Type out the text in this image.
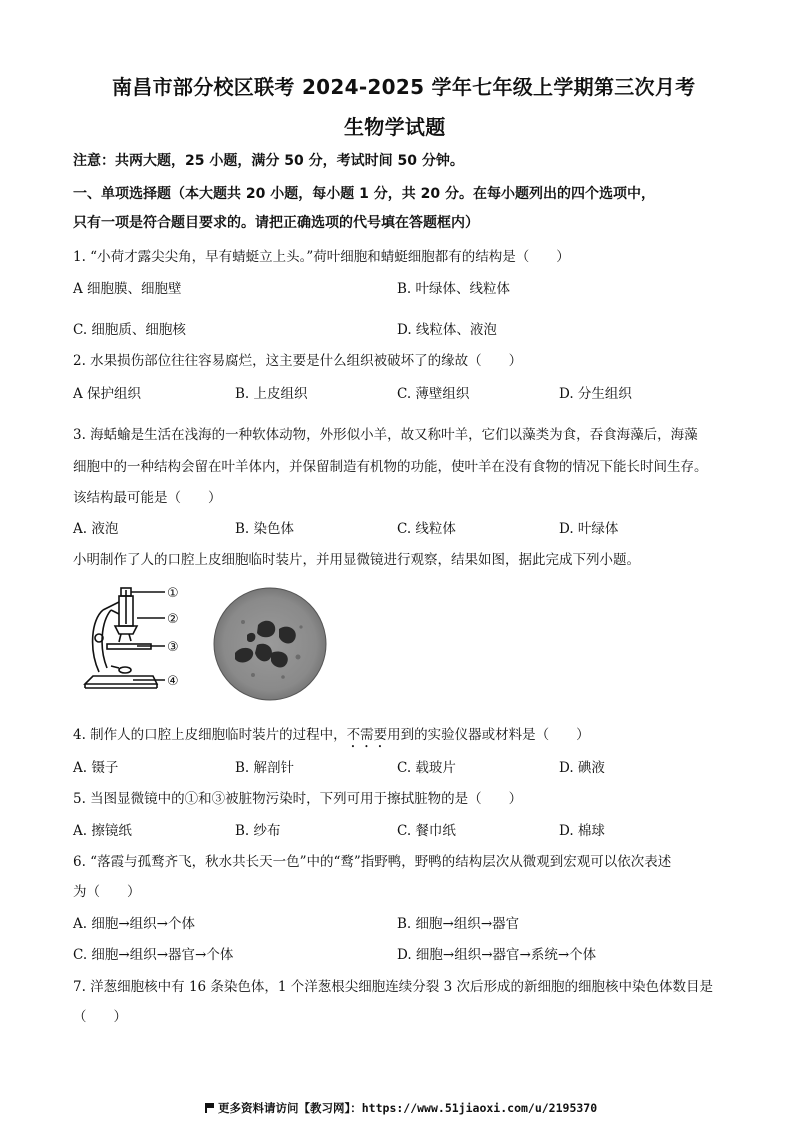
南昌市部分校区联考 2024-2025 学年七年级上学期第三次月考
生物学试题
注意：共两大题，25 小题，满分 50 分，考试时间 50 分钟。
一、单项选择题（本大题共 20 小题，每小题 1 分，共 20 分。在每小题列出的四个选项中，
只有一项是符合题目要求的。请把正确选项的代号填在答题框内）
1. “小荷才露尖尖角，早有蜻蜓立上头。”荷叶细胞和蜻蜓细胞都有的结构是（　　）
A 细胞膜、细胞壁	B. 叶绿体、线粒体
C. 细胞质、细胞核	D. 线粒体、液泡
2. 水果损伤部位往往容易腐烂，这主要是什么组织被破坏了的缘故（　　）
A 保护组织	B. 上皮组织	C. 薄壁组织	D. 分生组织
3. 海蛞蝓是生活在浅海的一种软体动物，外形似小羊，故又称叶羊，它们以藻类为食，吞食海藻后，海藻
细胞中的一种结构会留在叶羊体内，并保留制造有机物的功能，使叶羊在没有食物的情况下能长时间生存。
该结构最可能是（　　）
A. 液泡	B. 染色体	C. 线粒体	D. 叶绿体
小明制作了人的口腔上皮细胞临时装片，并用显微镜进行观察，结果如图，据此完成下列小题。
①
②
③
④
4. 制作人的口腔上皮细胞临时装片的过程中，不需要用到的实验仪器或材料是（　　）
A. 镊子	B. 解剖针	C. 载玻片	D. 碘液
5. 当图显微镜中的①和③被脏物污染时，下列可用于擦拭脏物的是（　　）
A. 擦镜纸	B. 纱布	C. 餐巾纸	D. 棉球
6. “落霞与孤鹜齐飞，秋水共长天一色”中的“鹜”指野鸭，野鸭的结构层次从微观到宏观可以依次表述
为（　　）
A. 细胞→组织→个体	B. 细胞→组织→器官
C. 细胞→组织→器官→个体	D. 细胞→组织→器官→系统→个体
7. 洋葱细胞核中有 16 条染色体，1 个洋葱根尖细胞连续分裂 3 次后形成的新细胞的细胞核中染色体数目是
（　　）
更多资料请访问【教习网】：https://www.51jiaoxi.com/u/2195370
